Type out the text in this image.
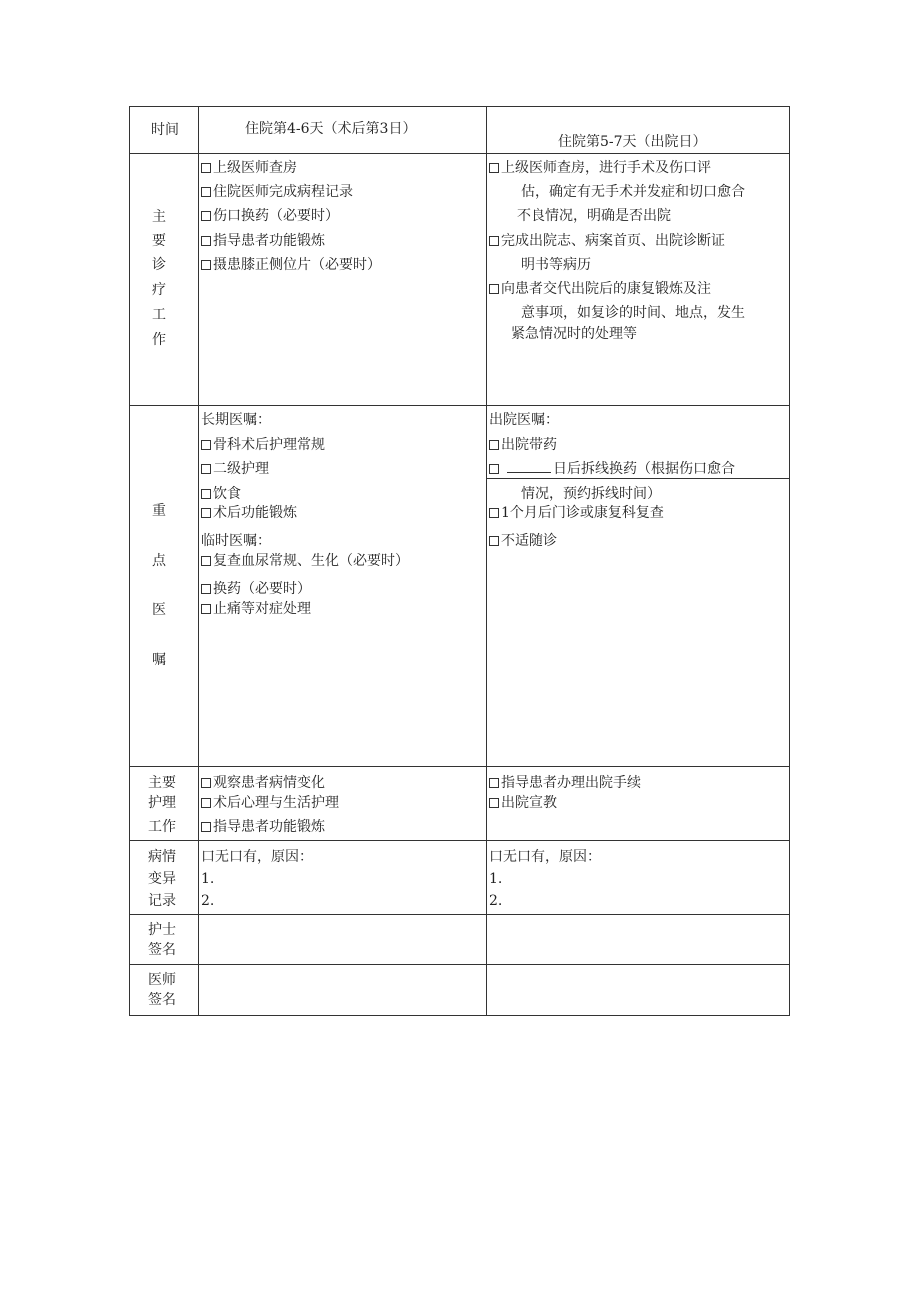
时间	住院第4-6天（术后第3日）
住院第5-7天（出院日）
主
要
诊
疗
工
作
上级医师查房
住院医师完成病程记录
伤口换药（必要时）
指导患者功能锻炼
摄患膝正侧位片（必要时）
上级医师查房，进行手术及伤口评
估，确定有无手术并发症和切口愈合
不良情况，明确是否出院
完成出院志、病案首页、出院诊断证
明书等病历
向患者交代出院后的康复锻炼及注
意事项，如复诊的时间、地点，发生
紧急情况时的处理等
重
点
医
嘱
长期医嘱：
骨科术后护理常规
二级护理
饮食
术后功能锻炼
临时医嘱：
复查血尿常规、生化（必要时）
换药（必要时）
止痛等对症处理
出院医嘱：
出院带药
日后拆线换药（根据伤口愈合
情况，预约拆线时间）
1个月后门诊或康复科复查
不适随诊
主要
护理
工作
观察患者病情变化
术后心理与生活护理
指导患者功能锻炼
指导患者办理出院手续
出院宣教
病情
变异
记录
口无口有，原因：
1.
2.
口无口有，原因：
1.
2.
护士
签名
医师
签名
